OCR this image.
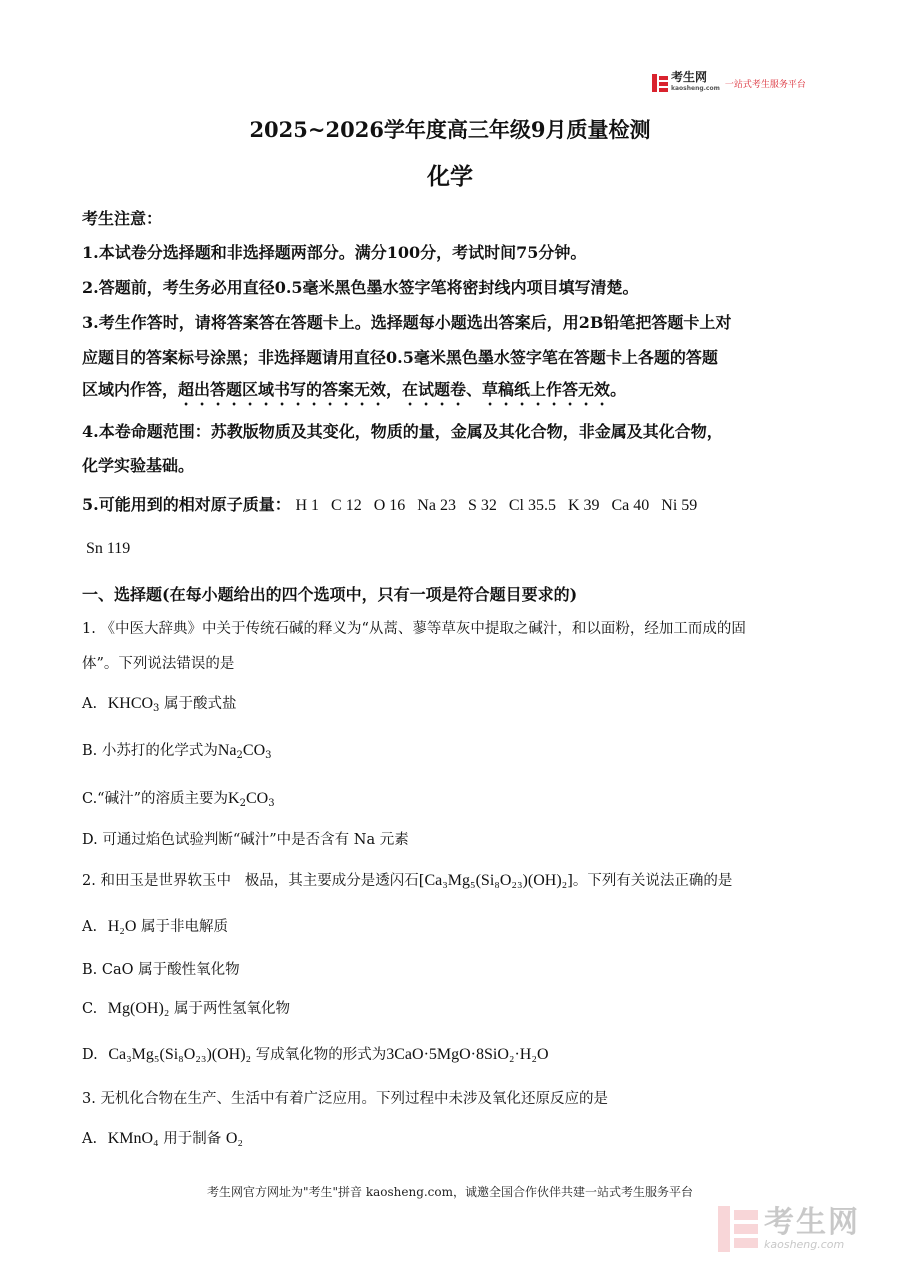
考生网
kaosheng.com 一站式考生服务平台
2025~2026学年度高三年级9月质量检测
化学
考生注意：
1.本试卷分选择题和非选择题两部分。满分100分，考试时间75分钟。
2.答题前，考生务必用直径0.5毫米黑色墨水签字笔将密封线内项目填写清楚。
3.考生作答时，请将答案答在答题卡上。选择题每小题选出答案后，用2B铅笔把答题卡上对
应题目的答案标号涂黑；非选择题请用直径0.5毫米黑色墨水签字笔在答题卡上各题的答题
区域内作答，超出答题区域书写的答案无效，在试题卷、草稿纸上作答无效。
4.本卷命题范围：苏教版物质及其变化，物质的量，金属及其化合物，非金属及其化合物，
化学实验基础。
5.可能用到的相对原子质量： H 1   C 12   O 16   Na 23   S 32   Cl 35.5   K 39   Ca 40   Ni 59
Sn 119
一、选择题(在每小题给出的四个选项中，只有一项是符合题目要求的)
1. 《中医大辞典》中关于传统石碱的释义为“从蒿、蓼等草灰中提取之碱汁，和以面粉，经加工而成的固
体”。下列说法错误的是
A. $KHCO_3$ 属于酸式盐
B. 小苏打的化学式为$Na_2CO_3$
C.“碱汁”的溶质主要为$K_2CO_3$
D. 可通过焰色试验判断“碱汁”中是否含有 Na 元素
2. 和田玉是世界软玉中   极品，其主要成分是透闪石[Ca₃Mg₅(Si₈O₂₃)(OH)₂]。下列有关说法正确的是
A. H₂O 属于非电解质
B. CaO 属于酸性氧化物
C. Mg(OH)₂ 属于两性氢氧化物
D. Ca₃Mg₅(Si₈O₂₃)(OH)₂ 写成氧化物的形式为3CaO·5MgO·8SiO₂·H₂O
3. 无机化合物在生产、生活中有着广泛应用。下列过程中未涉及氧化还原反应的是
A. KMnO₄ 用于制备 O₂
考生网官方网址为"考生"拼音 kaosheng.com，诚邀全国合作伙伴共建一站式考生服务平台
考生网
kaosheng.com
